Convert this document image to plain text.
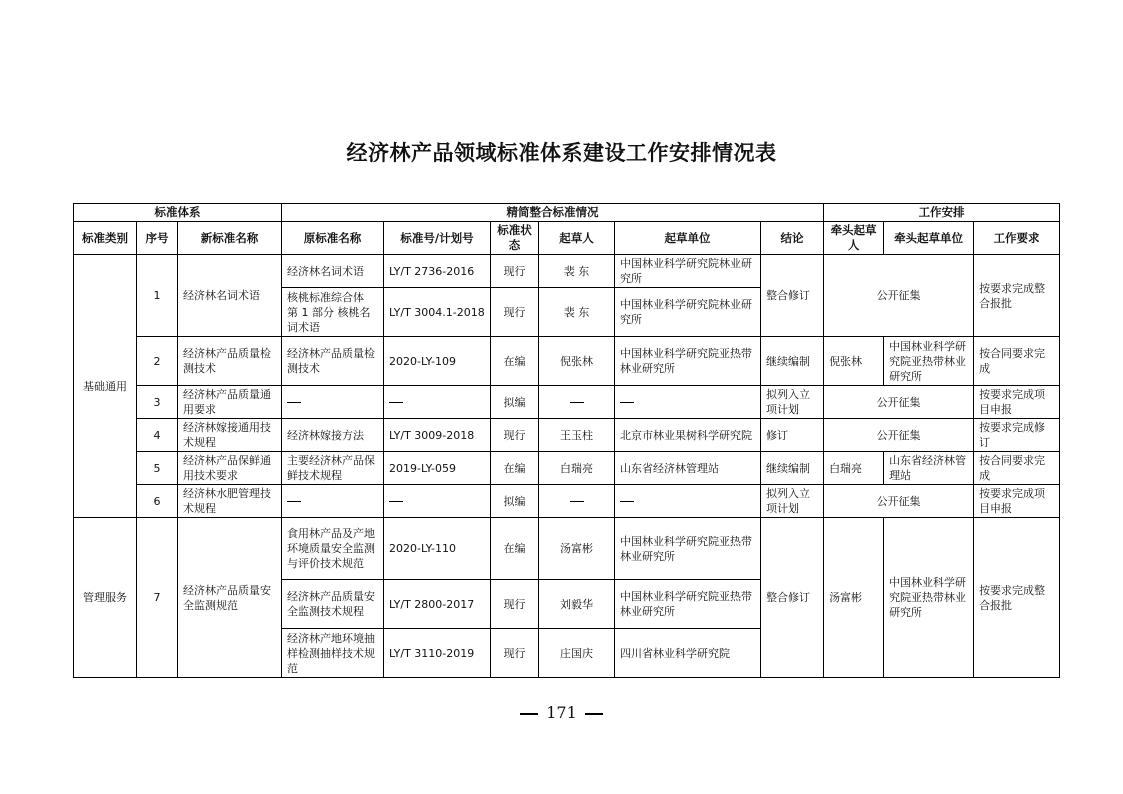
经济林产品领域标准体系建设工作安排情况表
标准体系			精简整合标准情况						工作安排		
标准类别	序号	新标准名称	原标准名称	标准号/计划号	标准状态	起草人	起草单位	结论	牵头起草人	牵头起草单位	工作要求
基础通用	1	经济林名词术语	经济林名词术语	LY/T 2736-2016	现行	裴 东	中国林业科学研究院林业研究所	整合修订	公开征集		按要求完成整合报批
			核桃标准综合体 第 1 部分 核桃名词术语	LY/T 3004.1-2018	现行	裴 东	中国林业科学研究院林业研究所				
	2	经济林产品质量检测技术	经济林产品质量检测技术	2020-LY-109	在编	倪张林	中国林业科学研究院亚热带林业研究所	继续编制	倪张林	中国林业科学研究院亚热带林业研究所	按合同要求完成
	3	经济林产品质量通用要求			拟编			拟列入立项计划	公开征集		按要求完成项目申报
	4	经济林嫁接通用技术规程	经济林嫁接方法	LY/T 3009-2018	现行	王玉柱	北京市林业果树科学研究院	修订	公开征集		按要求完成修订
	5	经济林产品保鲜通用技术要求	主要经济林产品保鲜技术规程	2019-LY-059	在编	白瑞亮	山东省经济林管理站	继续编制	白瑞亮	山东省经济林管理站	按合同要求完成
	6	经济林水肥管理技术规程			拟编			拟列入立项计划	公开征集		按要求完成项目申报
管理服务	7	经济林产品质量安全监测规范	食用林产品及产地环境质量安全监测与评价技术规范	2020-LY-110	在编	汤富彬	中国林业科学研究院亚热带林业研究所	整合修订	汤富彬	中国林业科学研究院亚热带林业研究所	按要求完成整合报批
			经济林产品质量安全监测技术规程	LY/T 2800-2017	现行	刘毅华	中国林业科学研究院亚热带林业研究所				
			经济林产地环境抽样检测抽样技术规范	LY/T 3110-2019	现行	庄国庆	四川省林业科学研究院				
171
